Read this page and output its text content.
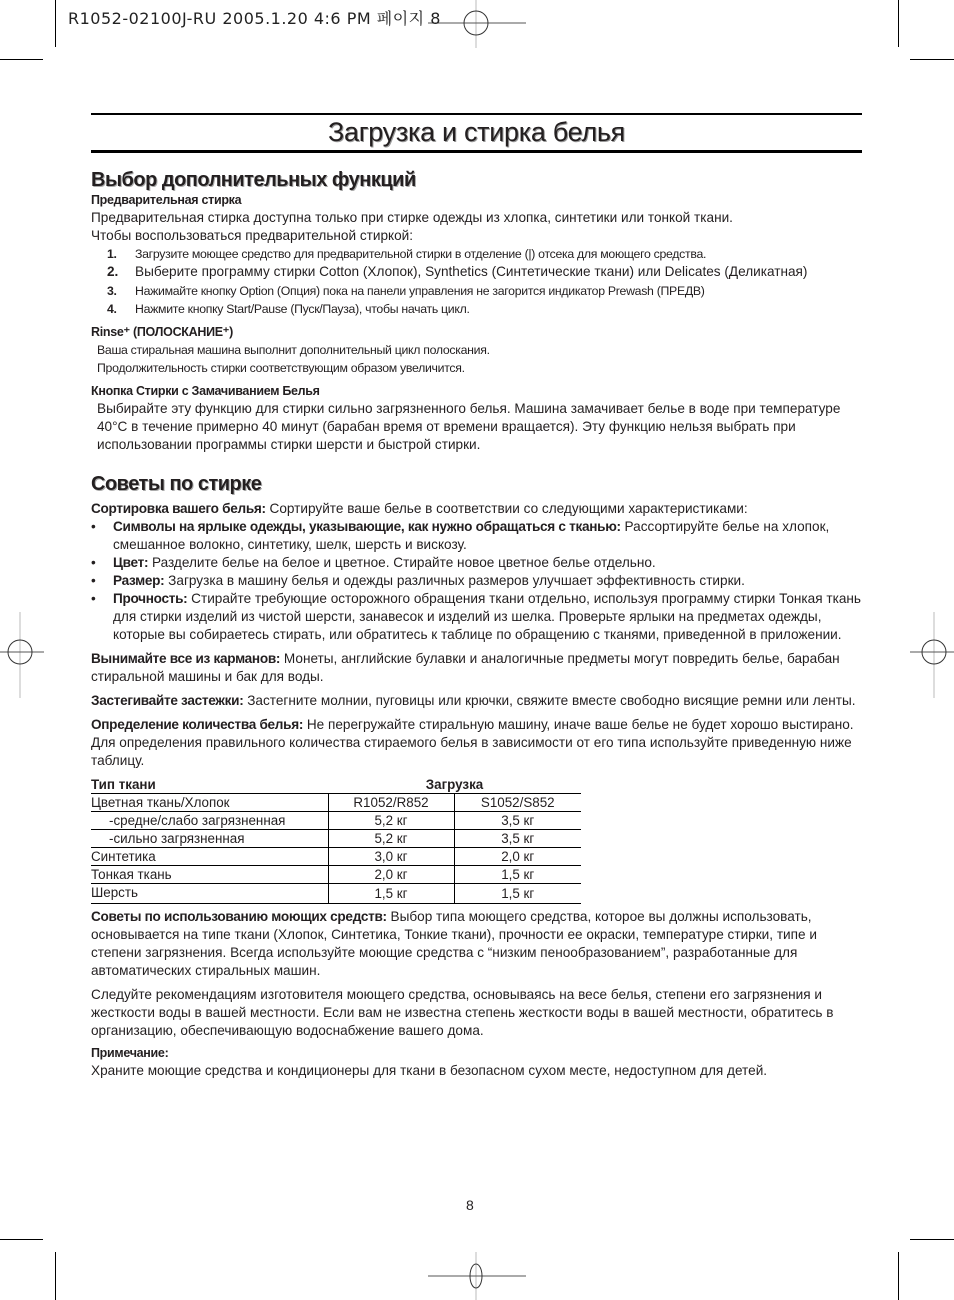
R1052-02100J-RU 2005.1.20 4:6 PM 페이지 8
Загрузка и стирка белья
Выбор дополнительных функций
Предварительная стирка

Предварительная стирка доступна только при стирке одежды из хлопка, синтетики или тонкой ткани.

Чтобы воспользоваться предварительной стиркой:

1. Загрузите моющее средство для предварительной стирки в отделение (|) отсека для моющего средства.
2. Выберите программу стирки Cotton (Хлопок), Synthetics (Синтетические ткани) или Delicates (Деликатная)
3. Нажимайте кнопку Option (Опция) пока на панели управления не загорится индикатор Prewash (ПРЕДВ)
4. Нажмите кнопку Start/Pause (Пуск/Пауза), чтобы начать цикл.
Rinse⁺ (ПОЛОСКАНИЕ⁺)

Ваша стиральная машина выполнит дополнительный цикл полоскания.

Продолжительность стирки соответствующим образом увеличится.

Кнопка Стирки с Замачиванием Белья

Выбирайте эту функцию для стирки сильно загрязненного белья. Машина замачивает белье в воде при температуре 40°C в течение примерно 40 минут (барабан время от времени вращается). Эту функцию нельзя выбрать при использовании программы стирки шерсти и быстрой стирки.

Советы по стирке

Сортировка вашего белья: Сортируйте ваше белье в соответствии со следующими характеристиками:

• Символы на ярлыке одежды, указывающие, как нужно обращаться с тканью: Рассортируйте белье на хлопок, смешанное волокно, синтетику, шелк, шерсть и вискозу.
• Цвет: Разделите белье на белое и цветное. Стирайте новое цветное белье отдельно.
• Размер: Загрузка в машину белья и одежды различных размеров улучшает эффективность стирки.
• Прочность: Стирайте требующие осторожного обращения ткани отдельно, используя программу стирки Тонкая ткань для стирки изделий из чистой шерсти, занавесок и изделий из шелка. Проверьте ярлыки на предметах одежды, которые вы собираетесь стирать, или обратитесь к таблице по обращению с тканями, приведенной в приложении.

Вынимайте все из карманов: Монеты, английские булавки и аналогичные предметы могут повредить белье, барабан стиральной машины и бак для воды.

Застегивайте застежки: Застегните молнии, пуговицы или крючки, свяжите вместе свободно висящие ремни или ленты.

Определение количества белья: Не перегружайте стиральную машину, иначе ваше белье не будет хорошо выстирано. Для определения правильного количества стираемого белья в зависимости от его типа используйте приведенную ниже таблицу.

Тип ткани	Загрузка	
Цветная ткань/Хлопок	R1052/R852	S1052/S852
-средне/слабо загрязненная	5,2 кг	3,5 кг
-сильно загрязненная	5,2 кг	3,5 кг
Синтетика	3,0 кг	2,0 кг
Тонкая ткань	2,0 кг	1,5 кг
Шерсть	1,5 кг	1,5 кг

Советы по использованию моющих средств: Выбор типа моющего средства, которое вы должны использовать, основывается на типе ткани (Хлопок, Синтетика, Тонкие ткани), прочности ее окраски, температуре стирки, типе и степени загрязнения. Всегда используйте моющие средства с “низким пенообразованием”, разработанные для автоматических стиральных машин.

Следуйте рекомендациям изготовителя моющего средства, основываясь на весе белья, степени его загрязнения и жесткости воды в вашей местности. Если вам не известна степень жесткости воды в вашей местности, обратитесь в организацию, обеспечивающую водоснабжение вашего дома.

Примечание:

Храните моющие средства и кондиционеры для ткани в безопасном сухом месте, недоступном для детей.

8
